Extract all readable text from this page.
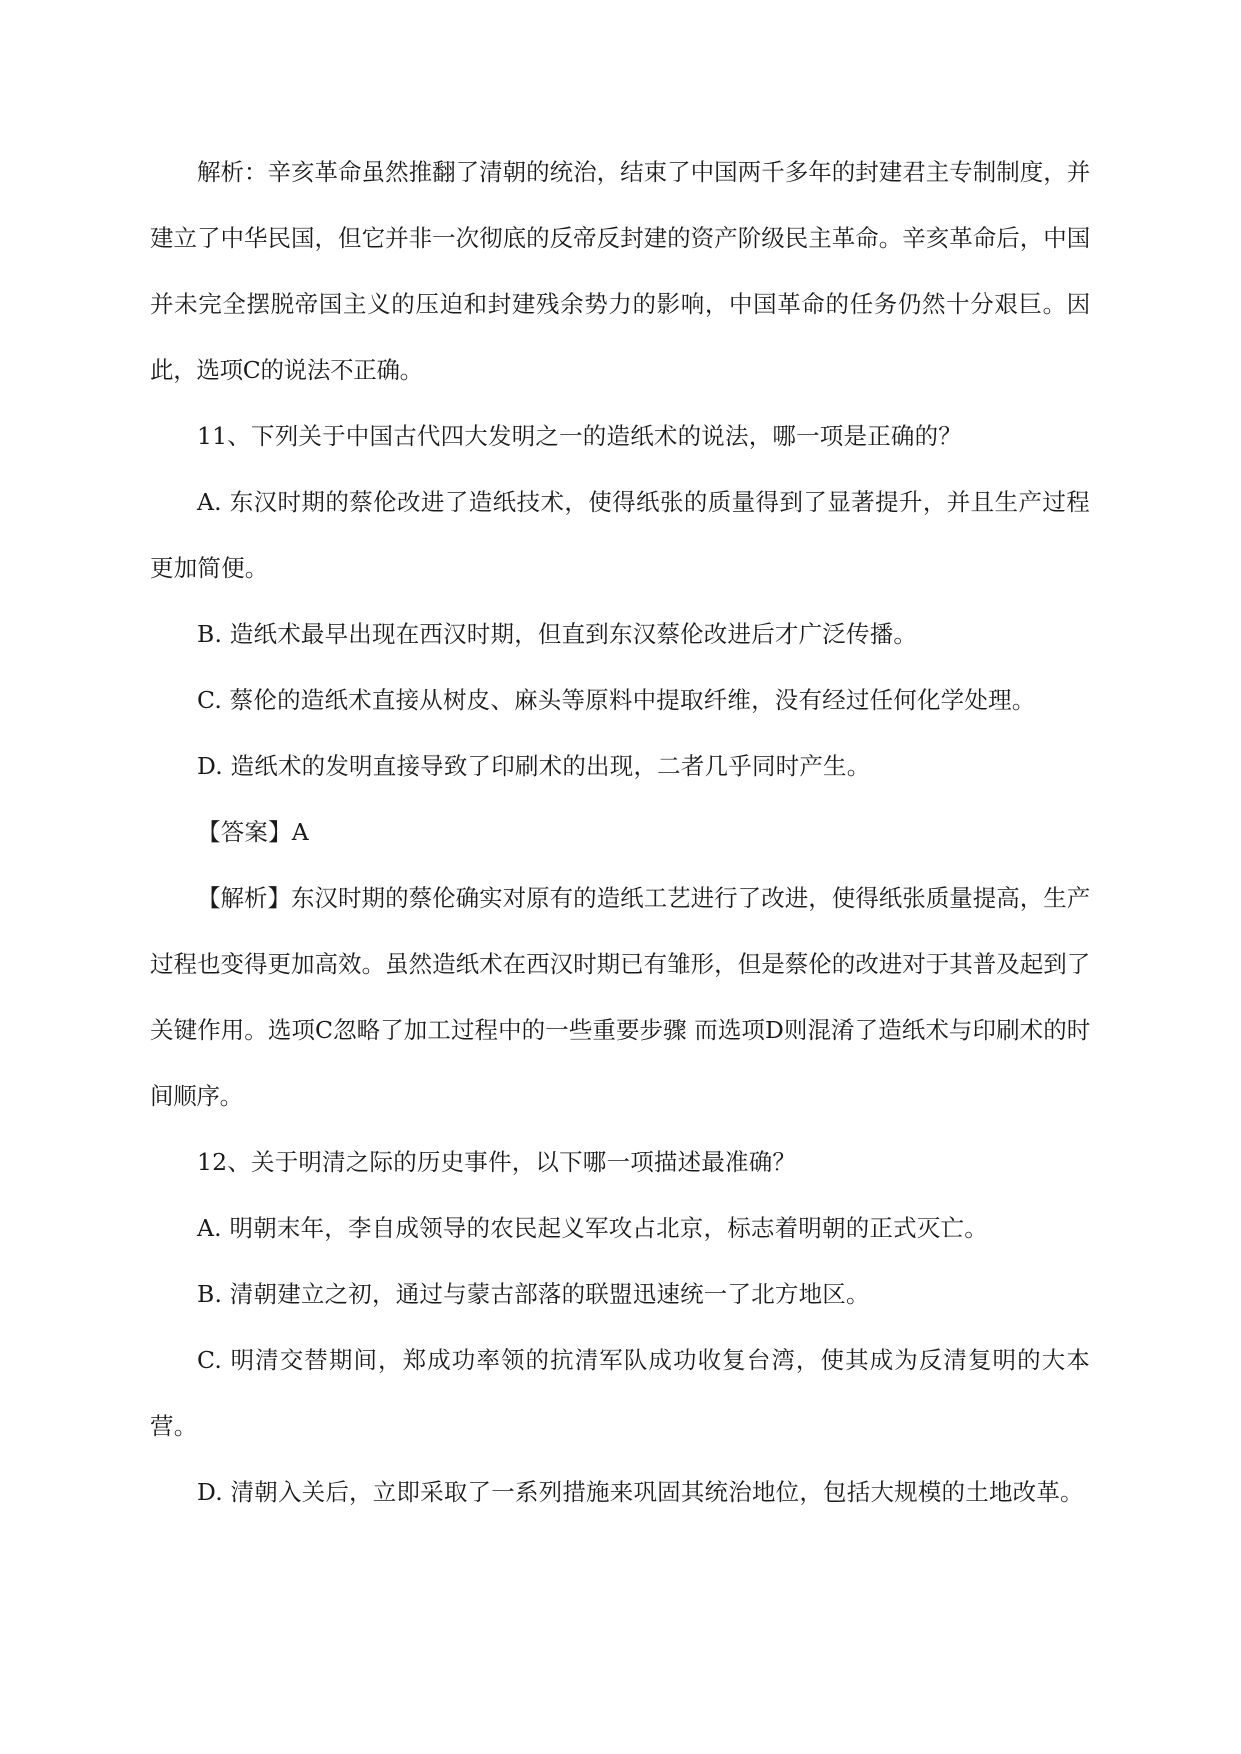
解析：辛亥革命虽然推翻了清朝的统治，结束了中国两千多年的封建君主专制制度，并建立了中华民国，但它并非一次彻底的反帝反封建的资产阶级民主革命。辛亥革命后，中国并未完全摆脱帝国主义的压迫和封建残余势力的影响，中国革命的任务仍然十分艰巨。因此，选项C的说法不正确。

11、下列关于中国古代四大发明之一的造纸术的说法，哪一项是正确的？

A. 东汉时期的蔡伦改进了造纸技术，使得纸张的质量得到了显著提升，并且生产过程更加简便。

B. 造纸术最早出现在西汉时期，但直到东汉蔡伦改进后才广泛传播。

C. 蔡伦的造纸术直接从树皮、麻头等原料中提取纤维，没有经过任何化学处理。

D. 造纸术的发明直接导致了印刷术的出现，二者几乎同时产生。

【答案】A

【解析】东汉时期的蔡伦确实对原有的造纸工艺进行了改进，使得纸张质量提高，生产过程也变得更加高效。虽然造纸术在西汉时期已有雏形，但是蔡伦的改进对于其普及起到了关键作用。选项C忽略了加工过程中的一些重要步骤 而选项D则混淆了造纸术与印刷术的时间顺序。

12、关于明清之际的历史事件，以下哪一项描述最准确？

A. 明朝末年，李自成领导的农民起义军攻占北京，标志着明朝的正式灭亡。

B. 清朝建立之初，通过与蒙古部落的联盟迅速统一了北方地区。

C. 明清交替期间，郑成功率领的抗清军队成功收复台湾，使其成为反清复明的大本营。

D. 清朝入关后，立即采取了一系列措施来巩固其统治地位，包括大规模的土地改革。
